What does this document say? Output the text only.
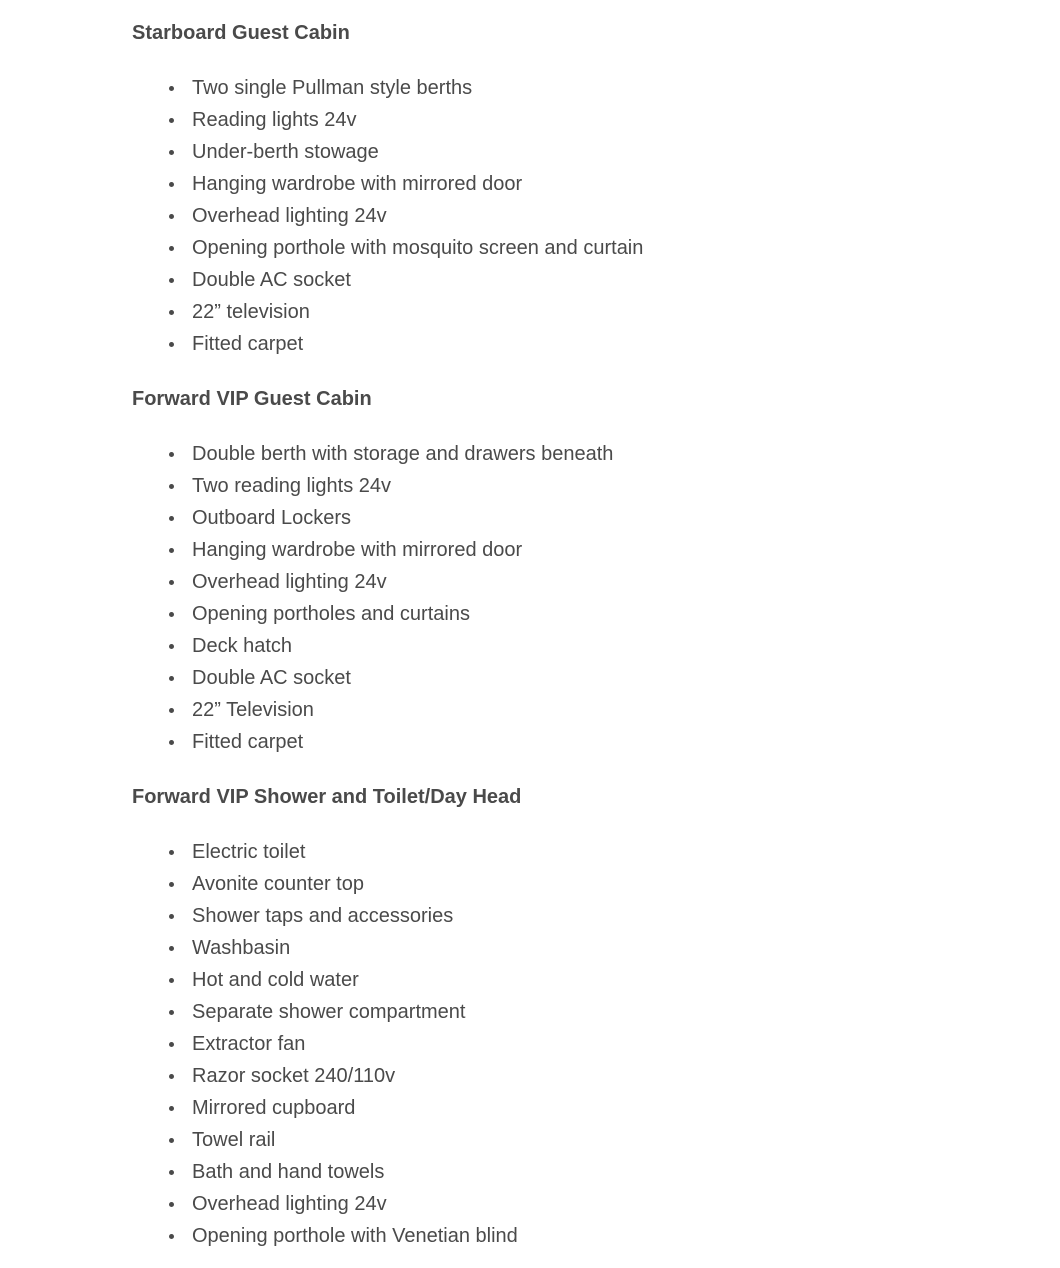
Starboard Guest Cabin
Two single Pullman style berths
Reading lights 24v
Under-berth stowage
Hanging wardrobe with mirrored door
Overhead lighting 24v
Opening porthole with mosquito screen and curtain
Double AC socket
22” television
Fitted carpet
Forward VIP Guest Cabin
Double berth with storage and drawers beneath
Two reading lights 24v
Outboard Lockers
Hanging wardrobe with mirrored door
Overhead lighting 24v
Opening portholes and curtains
Deck hatch
Double AC socket
22” Television
Fitted carpet
Forward VIP Shower and Toilet/Day Head
Electric toilet
Avonite counter top
Shower taps and accessories
Washbasin
Hot and cold water
Separate shower compartment
Extractor fan
Razor socket 240/110v
Mirrored cupboard
Towel rail
Bath and hand towels
Overhead lighting 24v
Opening porthole with Venetian blind
